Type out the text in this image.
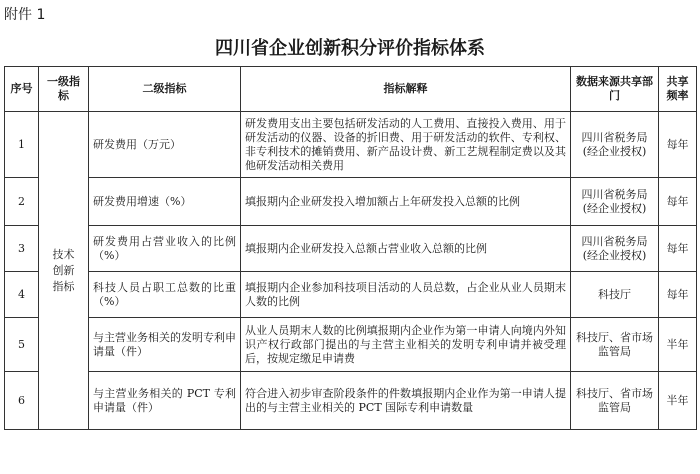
附件 1
四川省企业创新积分评价指标体系
序号	一级指标	二级指标	指标解释	数据来源共享部门	共享频率
1	技术创新指标	研发费用（万元）	研发费用支出主要包括研发活动的人工费用、直接投入费用、用于研发活动的仪器、设备的折旧费、用于研发活动的软件、专利权、非专利技术的摊销费用、新产品设计费、新工艺规程制定费以及其他研发活动相关费用	四川省税务局(经企业授权)	每年
2		研发费用增速（%）	填报期内企业研发投入增加额占上年研发投入总额的比例	四川省税务局(经企业授权)	每年
3		研发费用占营业收入的比例（%）	填报期内企业研发投入总额占营业收入总额的比例	四川省税务局(经企业授权)	每年
4		科技人员占职工总数的比重（%）	填报期内企业参加科技项目活动的人员总数，占企业从业人员期末人数的比例	科技厅	每年
5		与主营业务相关的发明专利申请量（件）	从业人员期末人数的比例填报期内企业作为第一申请人向境内外知识产权行政部门提出的与主营主业相关的发明专利申请并被受理后，按规定缴足申请费	科技厅、省市场监管局	半年
6		与主营业务相关的 PCT 专利申请量（件）	符合进入初步审查阶段条件的件数填报期内企业作为第一申请人提出的与主营主业相关的 PCT 国际专利申请数量	科技厅、省市场监管局	半年
